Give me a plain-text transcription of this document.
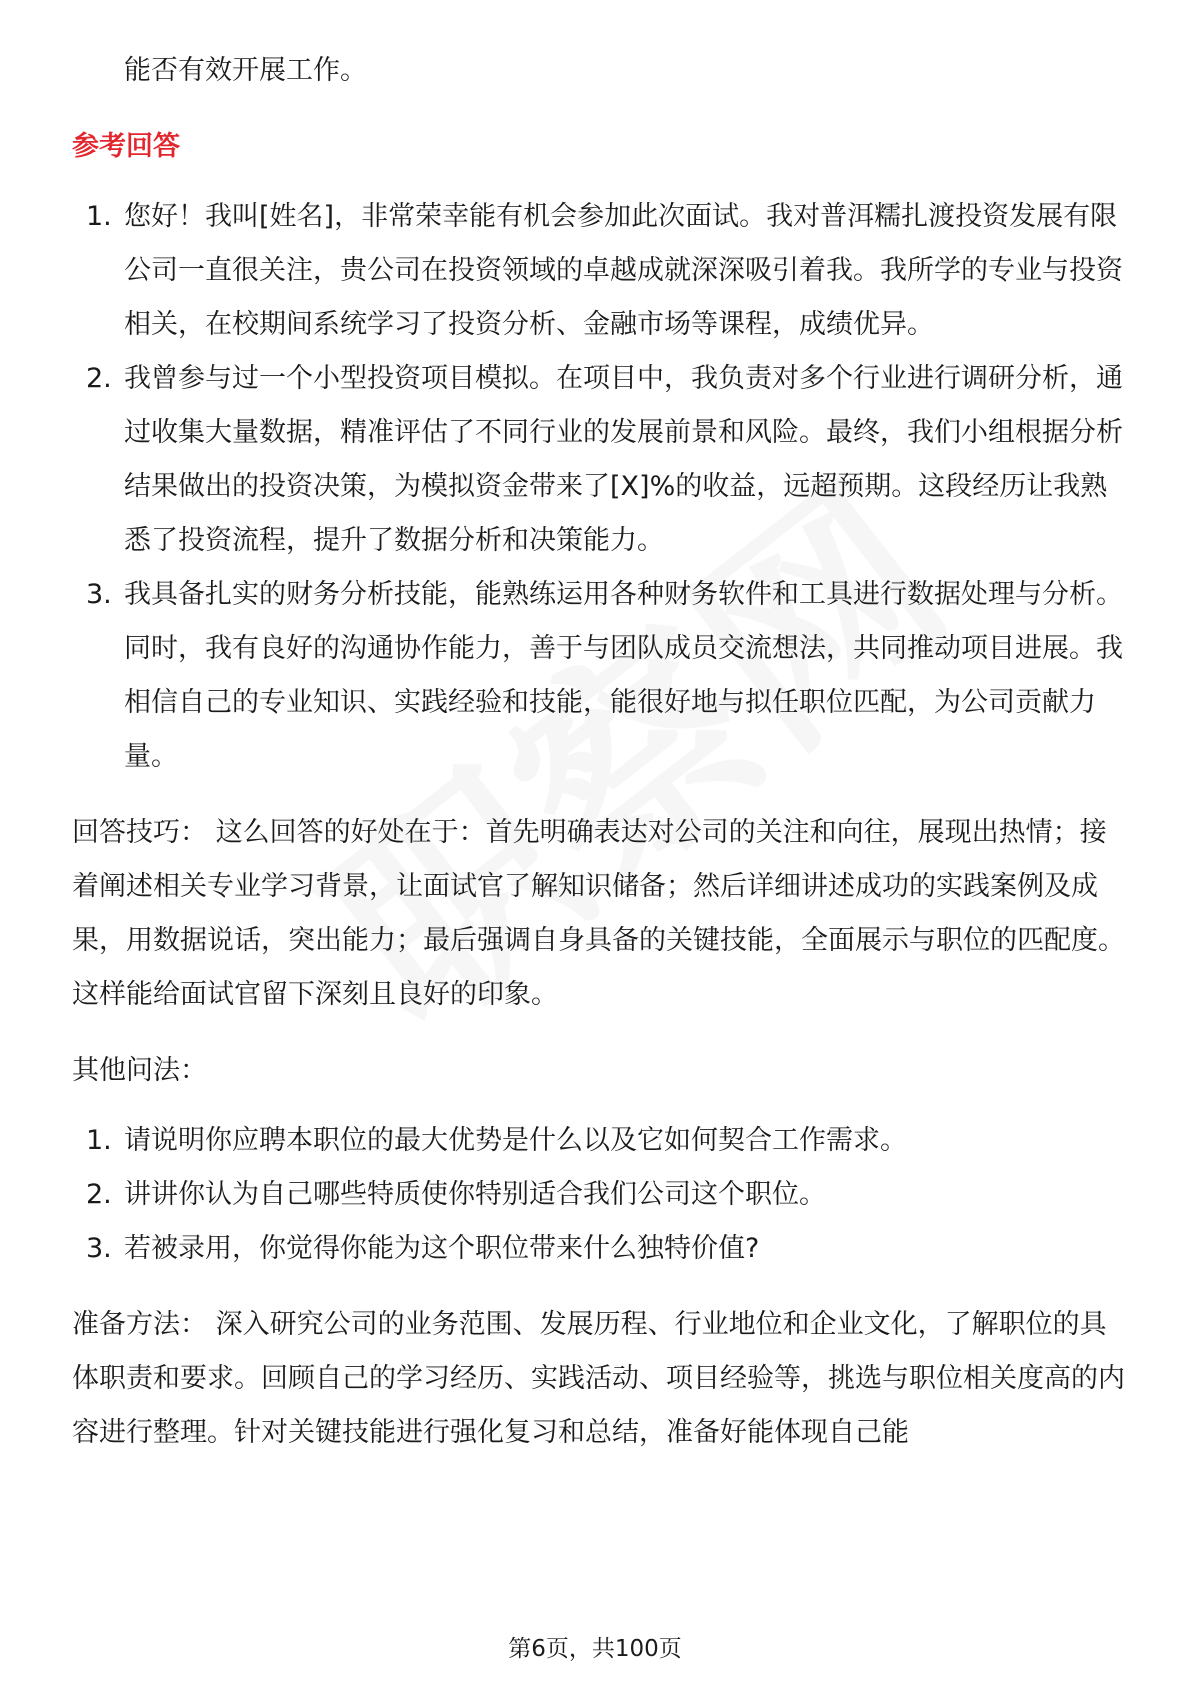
能否有效开展工作。

参考回答

1. 您好！我叫[姓名]，非常荣幸能有机会参加此次面试。我对普洱糯扎渡投资发展有限公司一直很关注，贵公司在投资领域的卓越成就深深吸引着我。我所学的专业与投资相关，在校期间系统学习了投资分析、金融市场等课程，成绩优异。
2. 我曾参与过一个小型投资项目模拟。在项目中，我负责对多个行业进行调研分析，通过收集大量数据，精准评估了不同行业的发展前景和风险。最终，我们小组根据分析结果做出的投资决策，为模拟资金带来了[X]%的收益，远超预期。这段经历让我熟悉了投资流程，提升了数据分析和决策能力。
3. 我具备扎实的财务分析技能，能熟练运用各种财务软件和工具进行数据处理与分析。同时，我有良好的沟通协作能力，善于与团队成员交流想法，共同推动项目进展。我相信自己的专业知识、实践经验和技能，能很好地与拟任职位匹配，为公司贡献力量。

回答技巧： 这么回答的好处在于：首先明确表达对公司的关注和向往，展现出热情；接着阐述相关专业学习背景，让面试官了解知识储备；然后详细讲述成功的实践案例及成果，用数据说话，突出能力；最后强调自身具备的关键技能，全面展示与职位的匹配度。这样能给面试官留下深刻且良好的印象。

其他问法：

1. 请说明你应聘本职位的最大优势是什么以及它如何契合工作需求。
2. 讲讲你认为自己哪些特质使你特别适合我们公司这个职位。
3. 若被录用，你觉得你能为这个职位带来什么独特价值?

准备方法： 深入研究公司的业务范围、发展历程、行业地位和企业文化，了解职位的具体职责和要求。回顾自己的学习经历、实践活动、项目经验等，挑选与职位相关度高的内容进行整理。针对关键技能进行强化复习和总结，准备好能体现自己能

第6页，共100页
